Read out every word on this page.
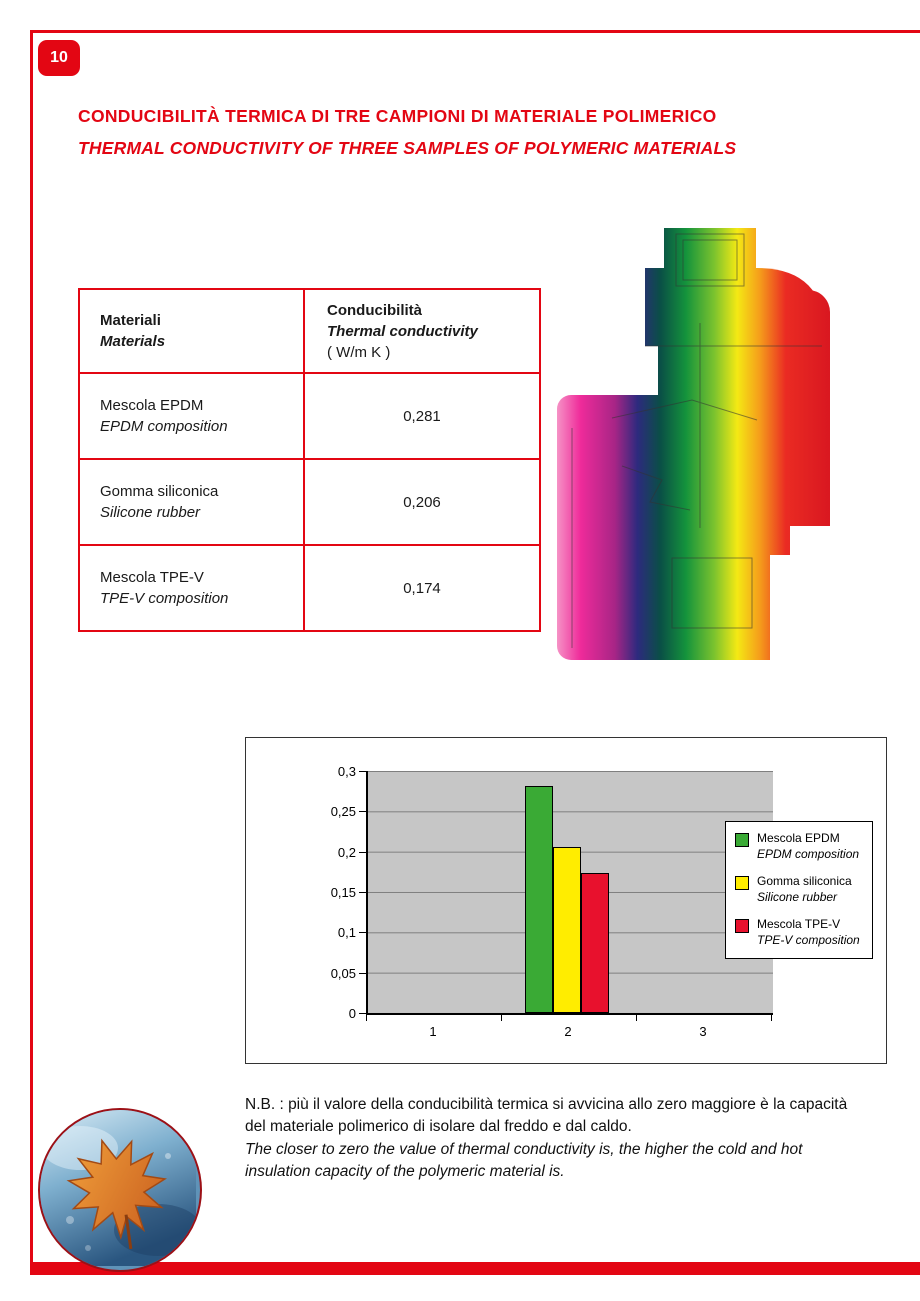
10
CONDUCIBILITÀ TERMICA DI TRE CAMPIONI DI MATERIALE POLIMERICO
THERMAL CONDUCTIVITY OF THREE SAMPLES OF POLYMERIC MATERIALS
Materiali
Materials

Conducibilità
Thermal conductivity
( W/m K )

Mescola EPDM
EPDM composition	0,281

Gomma siliconica
Silicone rubber	0,206

Mescola TPE-V
TPE-V composition	0,174
0,3
0,25
0,2
0,15
0,1
0,05
0
1	2	3
Mescola EPDM
EPDM composition
Gomma siliconica
Silicone rubber
Mescola TPE-V
TPE-V composition
N.B. : più il valore della conducibilità termica si avvicina allo zero maggiore è la capacità del materiale polimerico di isolare dal freddo e dal caldo.
The closer to zero the value of thermal conductivity is, the higher the cold and hot insulation capacity of the polymeric material is.
